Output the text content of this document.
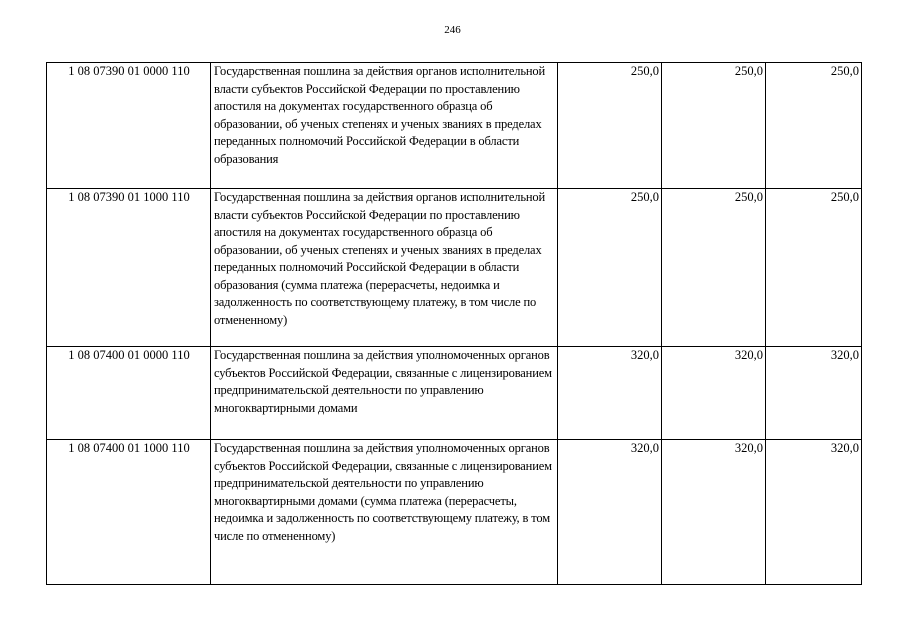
246
1 08 07390 01 0000 110	Государственная пошлина за действия органов исполнительной власти субъектов Российской Федерации по проставлению апостиля на документах государственного образца об образовании, об ученых степенях и ученых званиях в пределах переданных полномочий Российской Федерации в области образования	250,0	250,0	250,0
1 08 07390 01 1000 110	Государственная пошлина за действия органов исполнительной власти субъектов Российской Федерации по проставлению апостиля на документах государственного образца об образовании, об ученых степенях и ученых званиях в пределах переданных полномочий Российской Федерации в области образования (сумма платежа (перерасчеты, недоимка и задолженность по соответствующему платежу, в том числе по отмененному)	250,0	250,0	250,0
1 08 07400 01 0000 110	Государственная пошлина за действия уполномоченных органов субъектов Российской Федерации, связанные с лицензированием предпринимательской деятельности по управлению многоквартирными домами	320,0	320,0	320,0
1 08 07400 01 1000 110	Государственная пошлина за действия уполномоченных органов субъектов Российской Федерации, связанные с лицензированием предпринимательской деятельности по управлению многоквартирными домами (сумма платежа (перерасчеты, недоимка и задолженность по соответствующему платежу, в том числе по отмененному)	320,0	320,0	320,0
